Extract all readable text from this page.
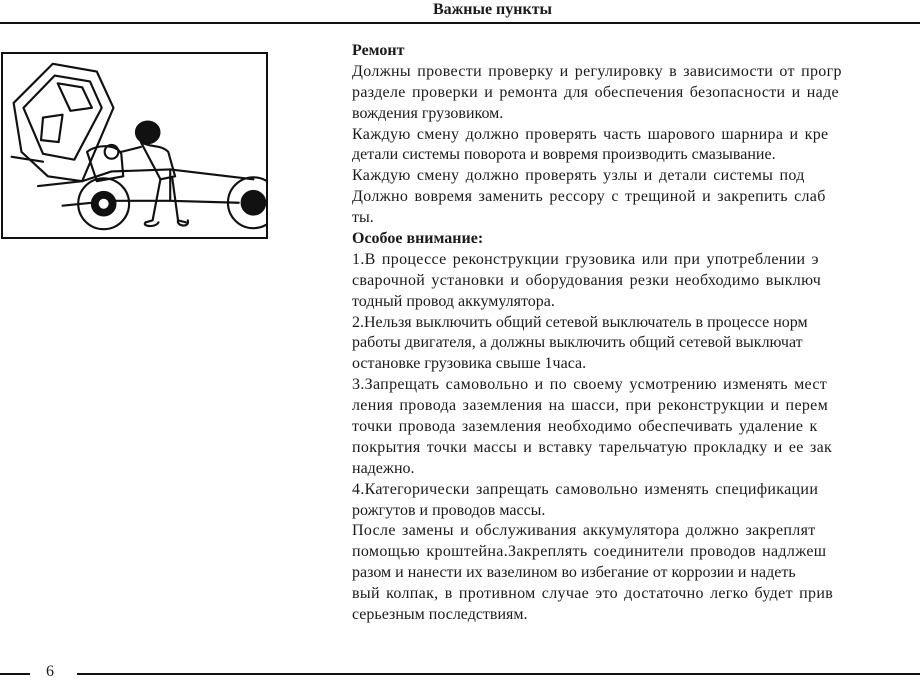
Важные пункты
Ремонт
Должны провести проверку и регулировку в зависимости от прогр
разделе проверки и ремонта для обеспечения безопасности и наде
вождения грузовиком.
Каждую смену должно проверять часть шарового шарнира и кре
детали системы поворота и вовремя производить смазывание.
Каждую смену должно проверять узлы и детали системы под
Должно вовремя заменить рессору с трещиной и закрепить слаб
ты.
Особое внимание:
1.В процессе реконструкции грузовика или при употреблении э
сварочной установки и оборудования резки необходимо выключ
тодный провод аккумулятора.
2.Нельзя выключить общий сетевой выключатель в процессе норм
работы двигателя, а должны выключить общий сетевой выключат
остановке грузовика свыше 1часа.
3.Запрещать самовольно и по своему усмотрению изменять мест
ления провода заземления на шасси, при реконструкции и перем
точки провода заземления необходимо обеспечивать удаление к
покрытия точки массы и вставку тарельчатую прокладку и ее зак
надежно.
4.Категорически запрещать самовольно изменять спецификации
рожгутов и проводов массы.
После замены и обслуживания аккумулятора должно закреплят
помощью кроштейна.Закреплять соединители проводов надлжеш
разом и нанести их вазелином во избегание от коррозии и надеть
вый колпак, в противном случае это достаточно легко будет прив
серьезным последствиям.
6
